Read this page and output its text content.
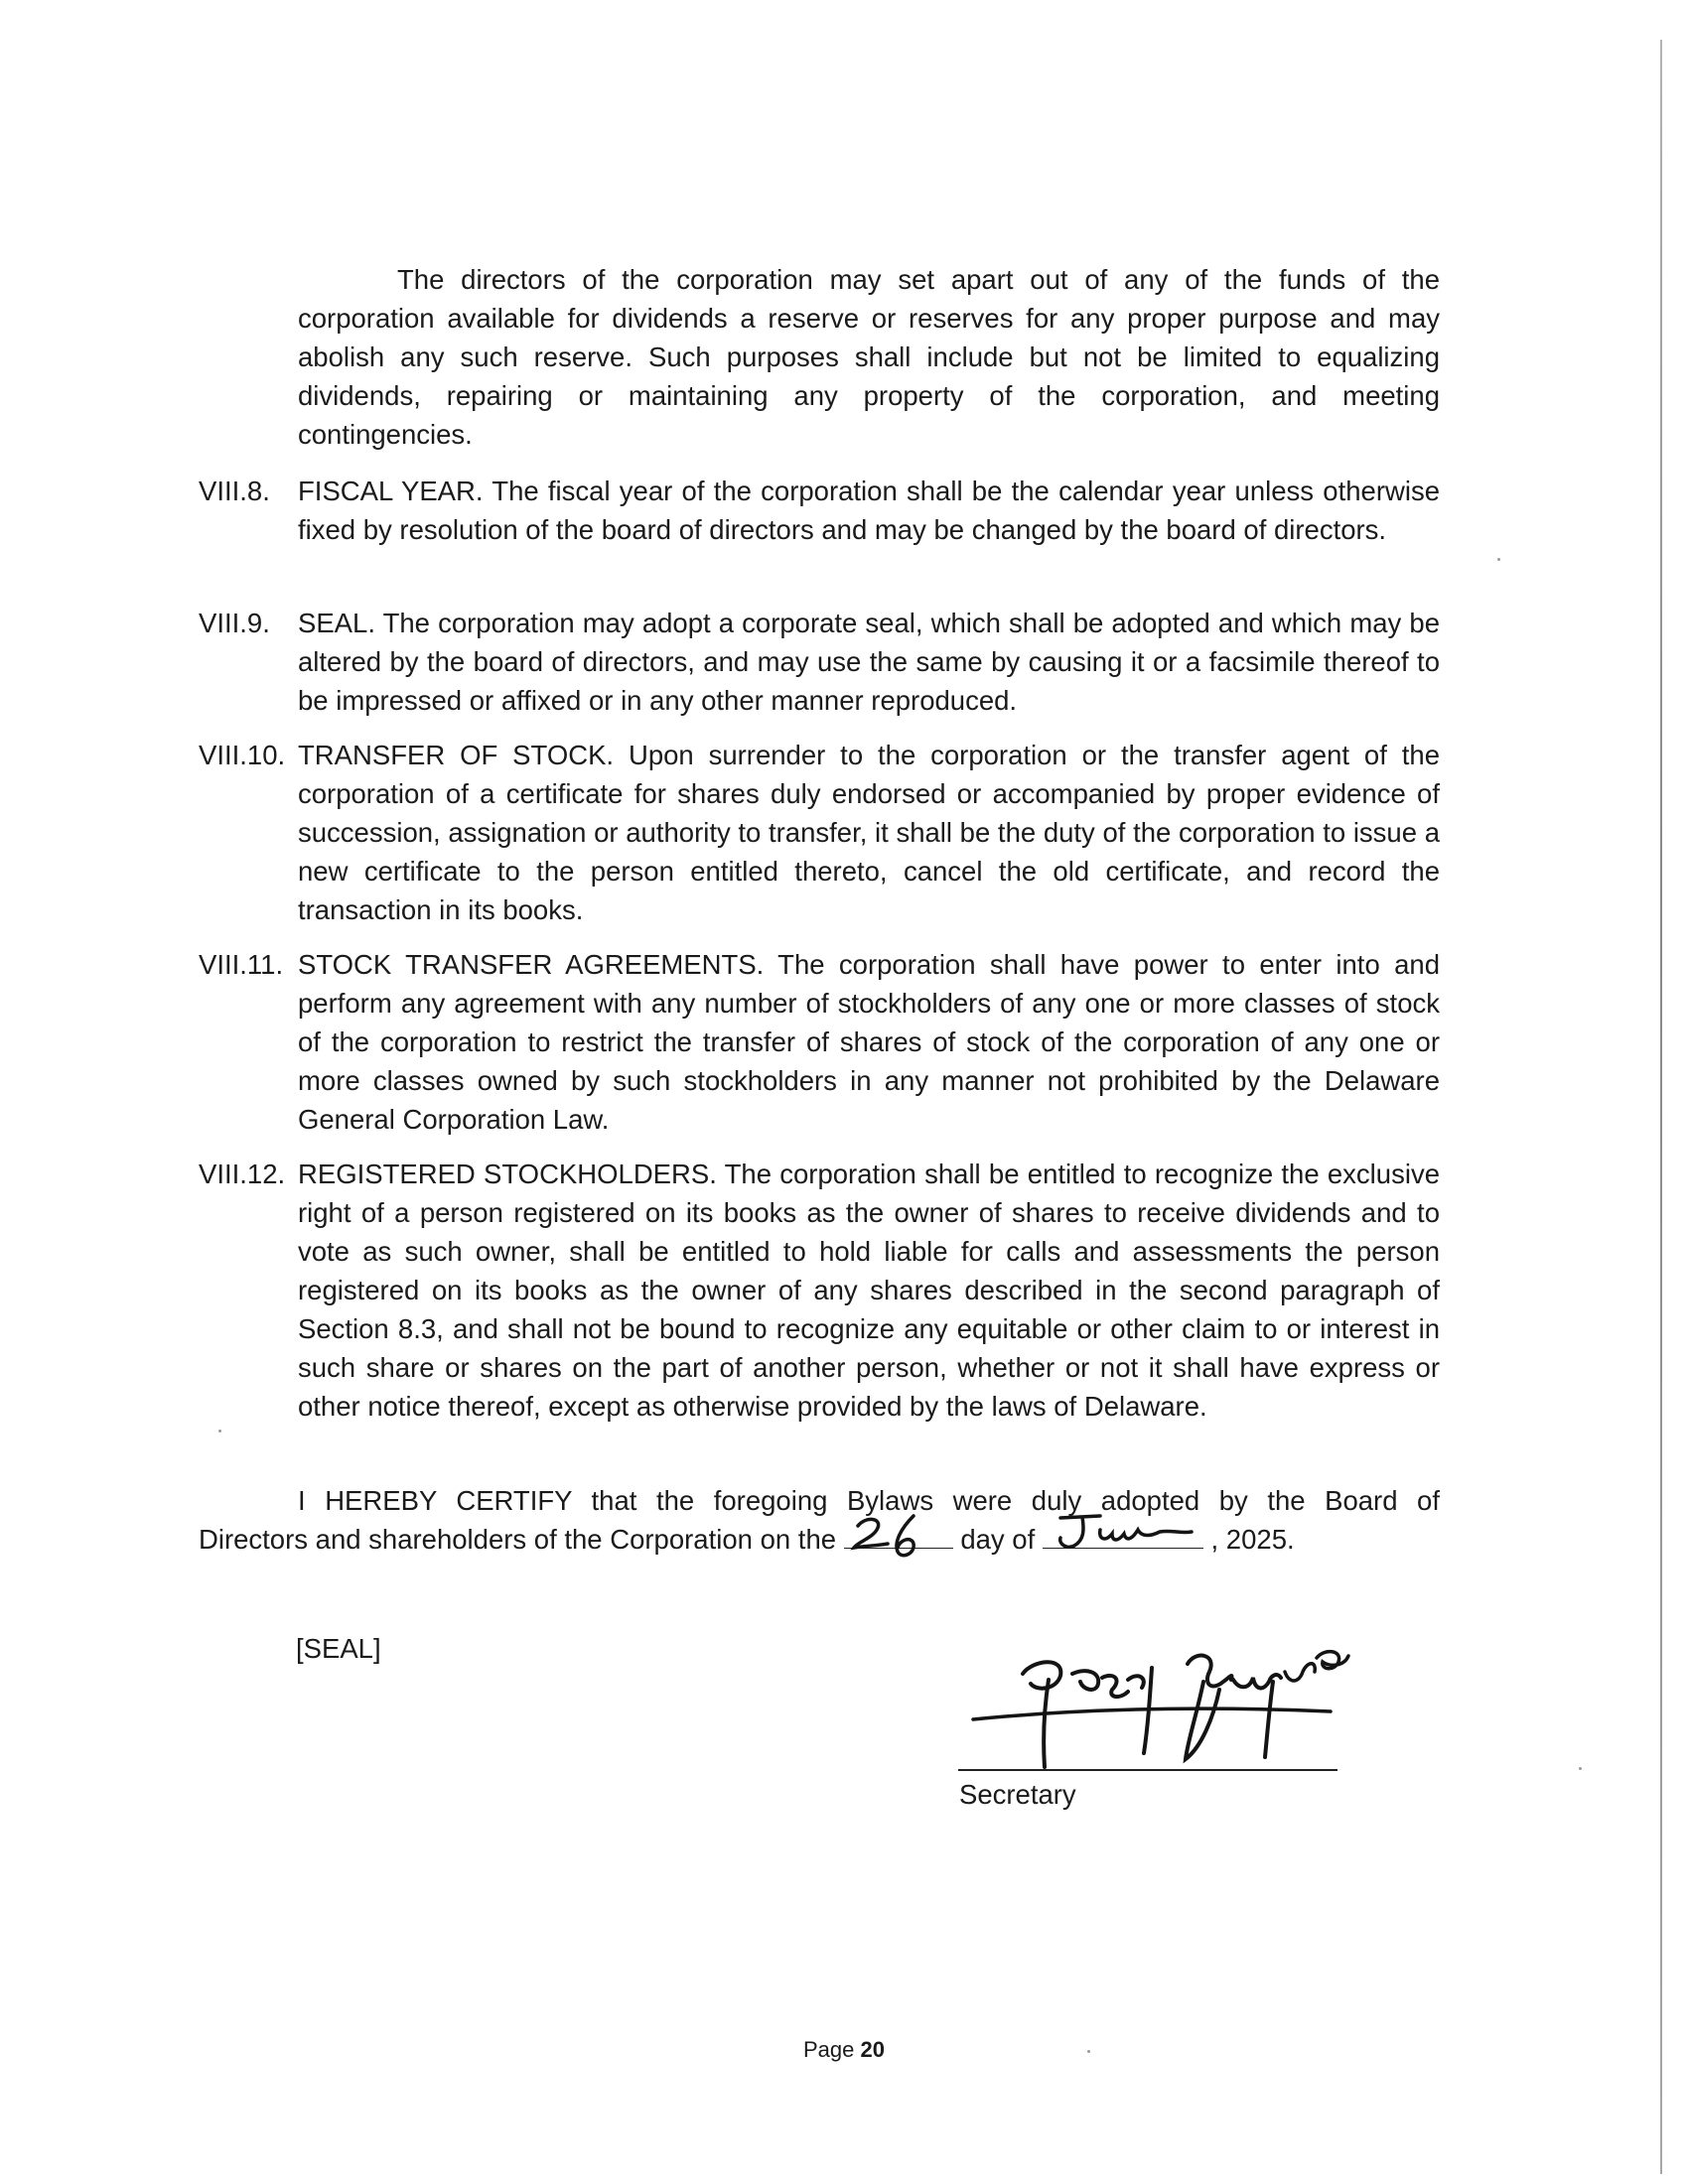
The directors of the corporation may set apart out of any of the funds of the corporation available for dividends a reserve or reserves for any proper purpose and may abolish any such reserve. Such purposes shall include but not be limited to equalizing dividends, repairing or maintaining any property of the corporation, and meeting contingencies.

VIII.8. FISCAL YEAR. The fiscal year of the corporation shall be the calendar year unless otherwise fixed by resolution of the board of directors and may be changed by the board of directors.
VIII.9. SEAL. The corporation may adopt a corporate seal, which shall be adopted and which may be altered by the board of directors, and may use the same by causing it or a facsimile thereof to be impressed or affixed or in any other manner reproduced.
VIII.10. TRANSFER OF STOCK. Upon surrender to the corporation or the transfer agent of the corporation of a certificate for shares duly endorsed or accompanied by proper evidence of succession, assignation or authority to transfer, it shall be the duty of the corporation to issue a new certificate to the person entitled thereto, cancel the old certificate, and record the transaction in its books.
VIII.11. STOCK TRANSFER AGREEMENTS. The corporation shall have power to enter into and perform any agreement with any number of stockholders of any one or more classes of stock of the corporation to restrict the transfer of shares of stock of the corporation of any one or more classes owned by such stockholders in any manner not prohibited by the Delaware General Corporation Law.
VIII.12. REGISTERED STOCKHOLDERS. The corporation shall be entitled to recognize the exclusive right of a person registered on its books as the owner of shares to receive dividends and to vote as such owner, shall be entitled to hold liable for calls and assessments the person registered on its books as the owner of any shares described in the second paragraph of Section 8.3, and shall not be bound to recognize any equitable or other claim to or interest in such share or shares on the part of another person, whether or not it shall have express or other notice thereof, except as otherwise provided by the laws of Delaware.
I HEREBY CERTIFY that the foregoing Bylaws were duly adopted by the Board of
Directors and shareholders of the Corporation on the	day of	, 2025.
[SEAL]
Secretary
Page 20
